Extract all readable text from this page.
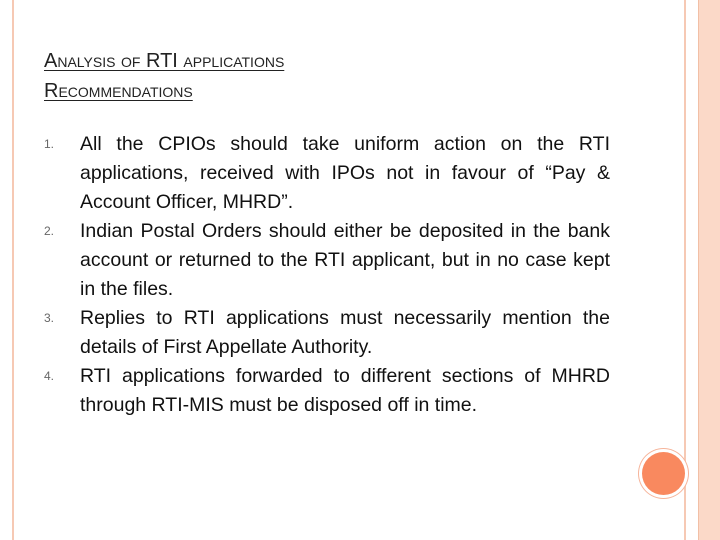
Analysis of RTI applications
Recommendations
1.	All the CPIOs should take uniform action on the RTI applications, received with IPOs not in favour of “Pay & Account Officer, MHRD”.
2.	Indian Postal Orders should either be deposited in the bank account or returned to the RTI applicant, but in no case kept in the files.
3.	Replies to RTI applications must necessarily mention the details of First Appellate Authority.
4.	RTI applications forwarded to different sections of MHRD through RTI-MIS must be disposed off in time.
